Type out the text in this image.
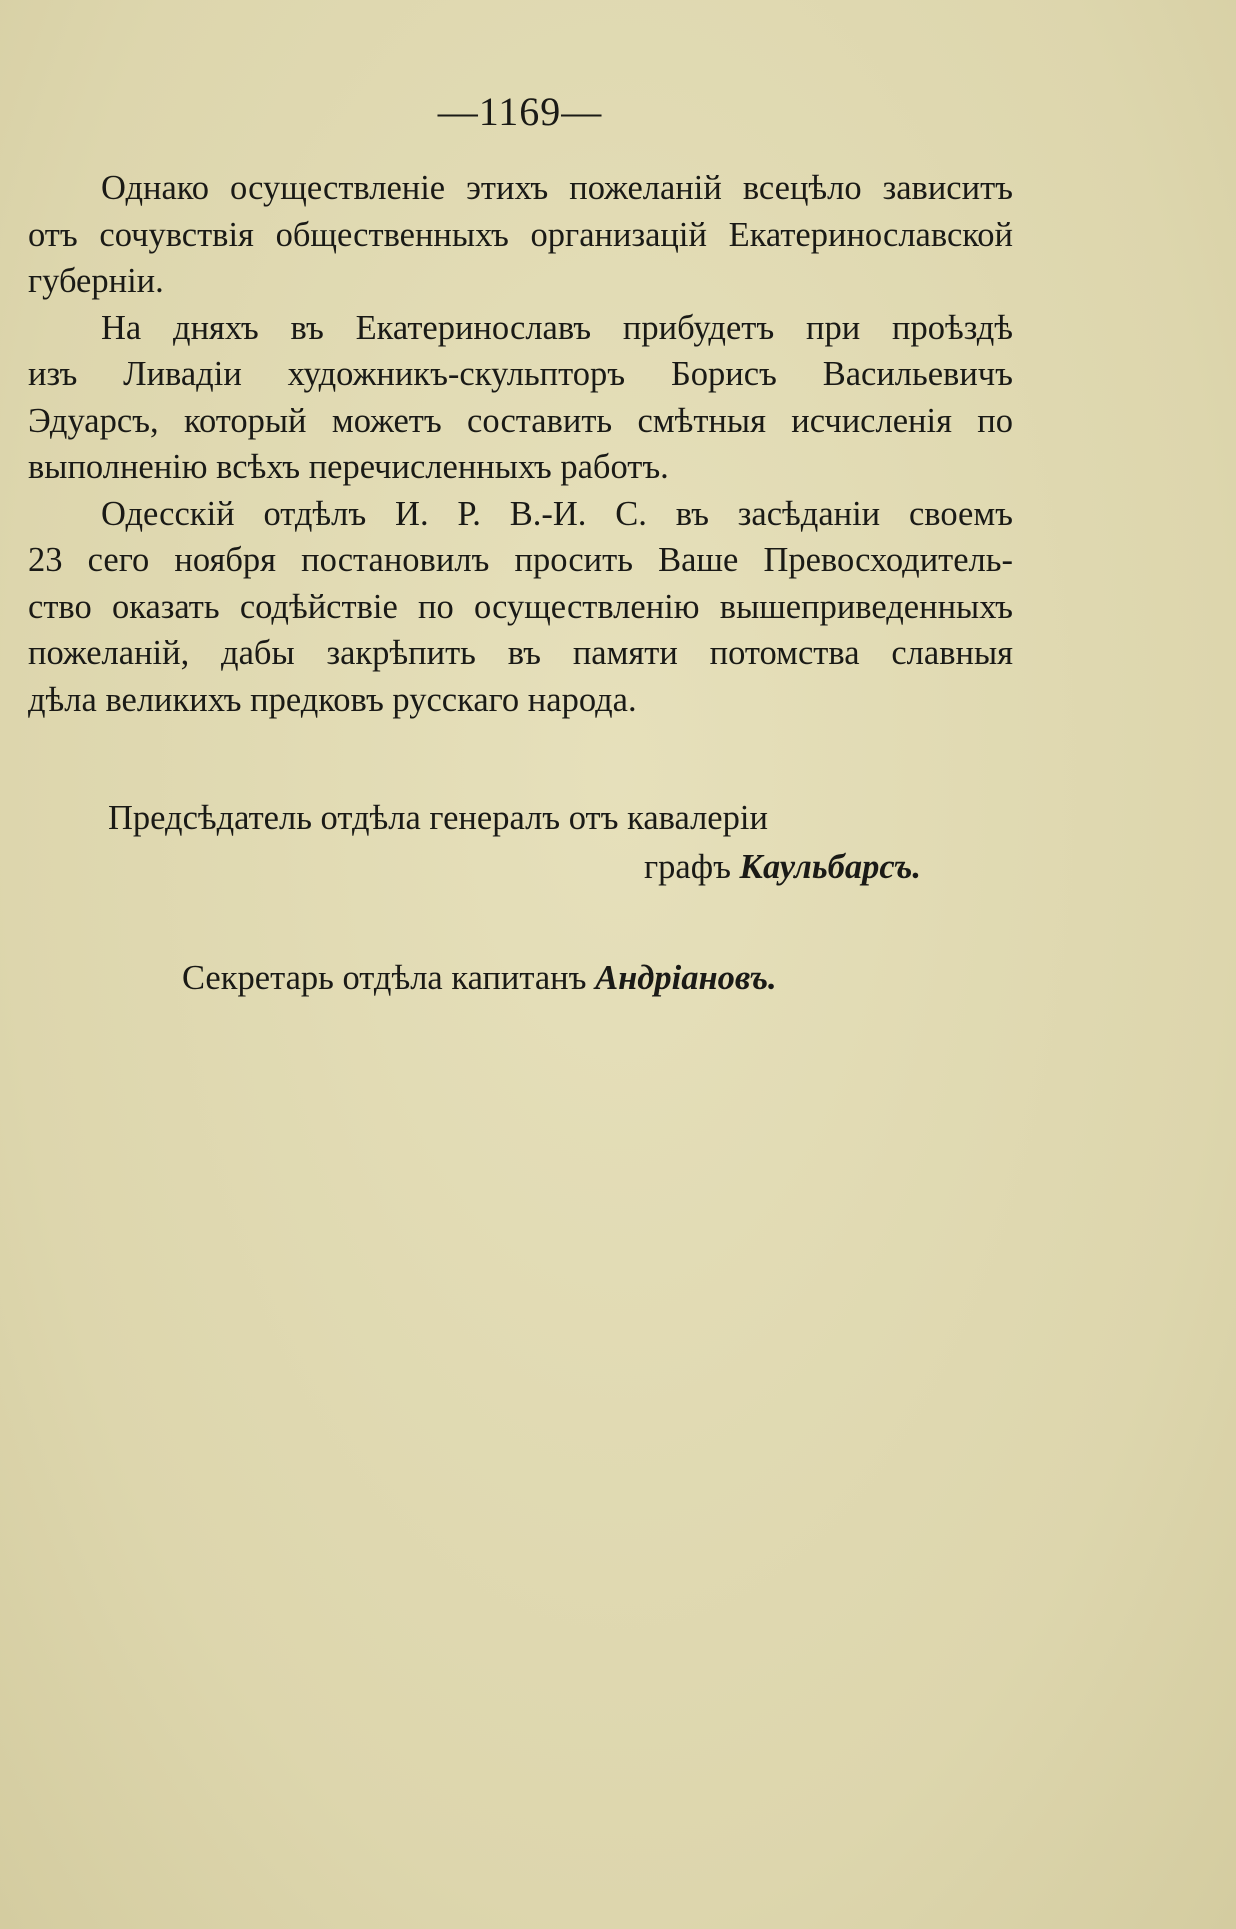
—1169—

Однако осуществленіе этихъ пожеланій всецѣло зависитъ
отъ сочувствія общественныхъ организацій Екатеринославской
губерніи.

На дняхъ въ Екатеринославъ прибудетъ при проѣздѣ
изъ Ливадіи художникъ-скульпторъ Борисъ Васильевичъ
Эдуарсъ, который можетъ составить смѣтныя исчисленія по
выполненію всѣхъ перечисленныхъ работъ.

Одесскій отдѣлъ И. Р. В.-И. С. въ засѣданіи своемъ
23 сего ноября постановилъ просить Ваше Превосходитель-
ство оказать содѣйствіе по осуществленію вышеприведенныхъ
пожеланій, дабы закрѣпить въ памяти потомства славныя
дѣла великихъ предковъ русскаго народа.

Предсѣдатель отдѣла генералъ отъ кавалеріи
графъ Каульбарсъ.
Секретарь отдѣла капитанъ Андріановъ.
